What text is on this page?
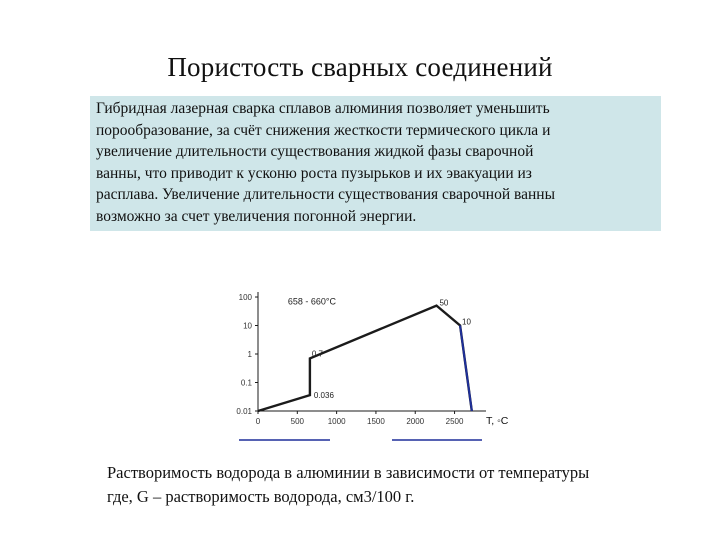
Пористость сварных соединений
Гибридная лазерная сварка сплавов алюминия позволяет уменьшить
порообразование, за счёт снижения жесткости термического цикла и
увеличение длительности существования жидкой фазы сварочной
ванны, что приводит к усконю роста пузырьков и их эвакуации из
расплава. Увеличение длительности существования сварочной ванны
возможно за счет увеличения погонной энергии.
0	500	1000	1500	2000	2500
0.01
0.1
1
10
100
0.036
0.7
50
10
658 - 660°C
T, ◦C
Растворимость водорода в алюминии в зависимости от температуры
где, G – растворимость водорода, см3/100 г.
